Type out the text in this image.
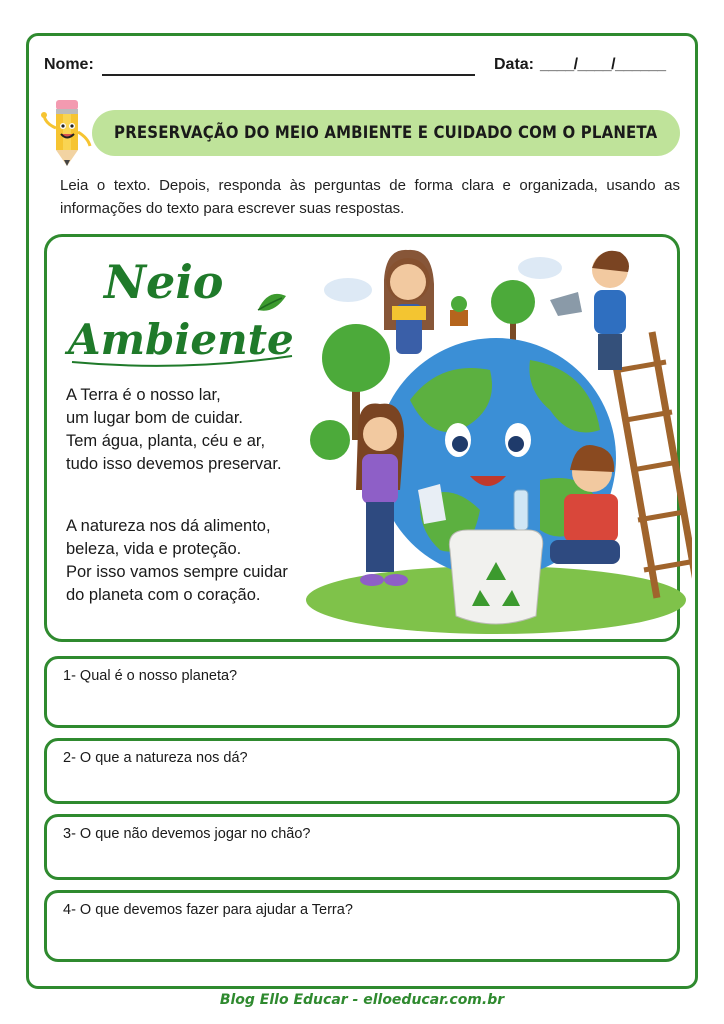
Nome:	Data: ____/____/______
PRESERVAÇÃO DO MEIO AMBIENTE E CUIDADO COM O PLANETA

Leia o texto. Depois, responda às perguntas de forma clara e organizada, usando as informações do texto para escrever suas respostas.

Neio
Ambiente

A Terra é o nosso lar,

um lugar bom de cuidar.

Tem água, planta, céu e ar,

tudo isso devemos preservar.

A natureza nos dá alimento,

beleza, vida e proteção.

Por isso vamos sempre cuidar

do planeta com o coração.

1- Qual é o nosso planeta?
2- O que a natureza nos dá?
3- O que não devemos jogar no chão?
4- O que devemos fazer para ajudar a Terra?
Blog Ello Educar - elloeducar.com.br
